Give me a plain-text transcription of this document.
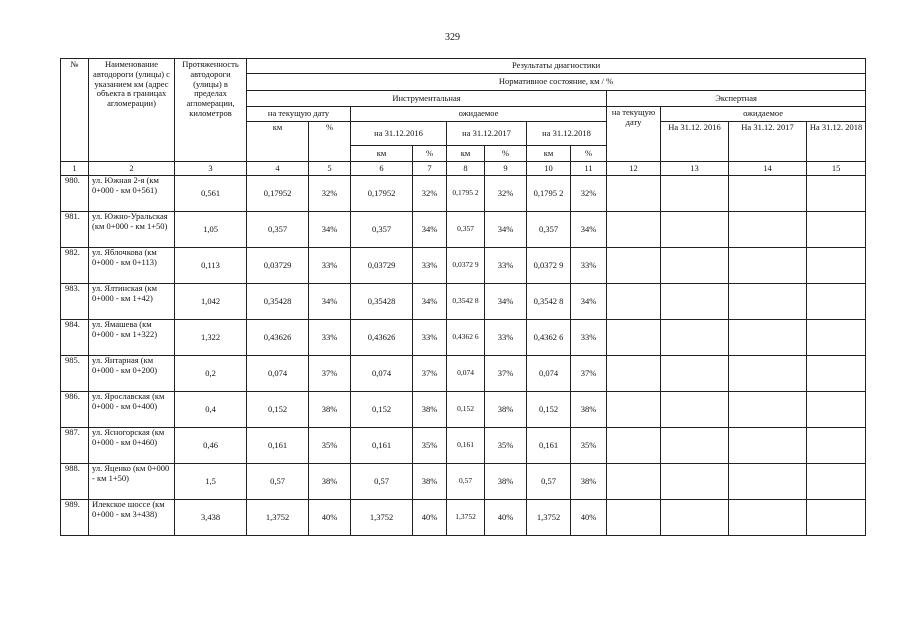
329
№	Наименование автодороги (улицы) с указанием км (адрес объекта в границах агломерации)	Протяженность автодороги (улицы) в пределах агломерации, километров	Результаты диагностики											
			Нормативное состояние, км / %											
			Инструментальная								Экспертная			
			на текущую дату		ожидаемое						на текущую дату	ожидаемое		
			км	%	на 31.12.2016		на 31.12.2017		на 31.12.2018			На 31.12. 2016	На 31.12. 2017	На 31.12. 2018
					км	%	км	%	км	%				
1	2	3	4	5	6	7	8	9	10	11	12	13	14	15
980.	ул. Южная 2-я (км 0+000 - км 0+561)	0,561	0,17952	32%	0,17952	32%	0,1795 2	32%	0,1795 2	32%				
981.	ул. Южно-Уральская (км 0+000 - км 1+50)	1,05	0,357	34%	0,357	34%	0,357	34%	0,357	34%				
982.	ул. Яблочкова (км 0+000 - км 0+113)	0,113	0,03729	33%	0,03729	33%	0,0372 9	33%	0,0372 9	33%				
983.	ул. Ялтинская (км 0+000 - км 1+42)	1,042	0,35428	34%	0,35428	34%	0,3542 8	34%	0,3542 8	34%				
984.	ул. Ямашева (км 0+000 - км 1+322)	1,322	0,43626	33%	0,43626	33%	0,4362 6	33%	0,4362 6	33%				
985.	ул. Янтарная (км 0+000 - км 0+200)	0,2	0,074	37%	0,074	37%	0,074	37%	0,074	37%				
986.	ул. Ярославская (км 0+000 - км 0+400)	0,4	0,152	38%	0,152	38%	0,152	38%	0,152	38%				
987.	ул. Ясногорская (км 0+000 - км 0+460)	0,46	0,161	35%	0,161	35%	0,161	35%	0,161	35%				
988.	ул. Яценко (км 0+000 - км 1+50)	1,5	0,57	38%	0,57	38%	0,57	38%	0,57	38%				
989.	Илекское шоссе (км 0+000 - км 3+438)	3,438	1,3752	40%	1,3752	40%	1,3752	40%	1,3752	40%				
